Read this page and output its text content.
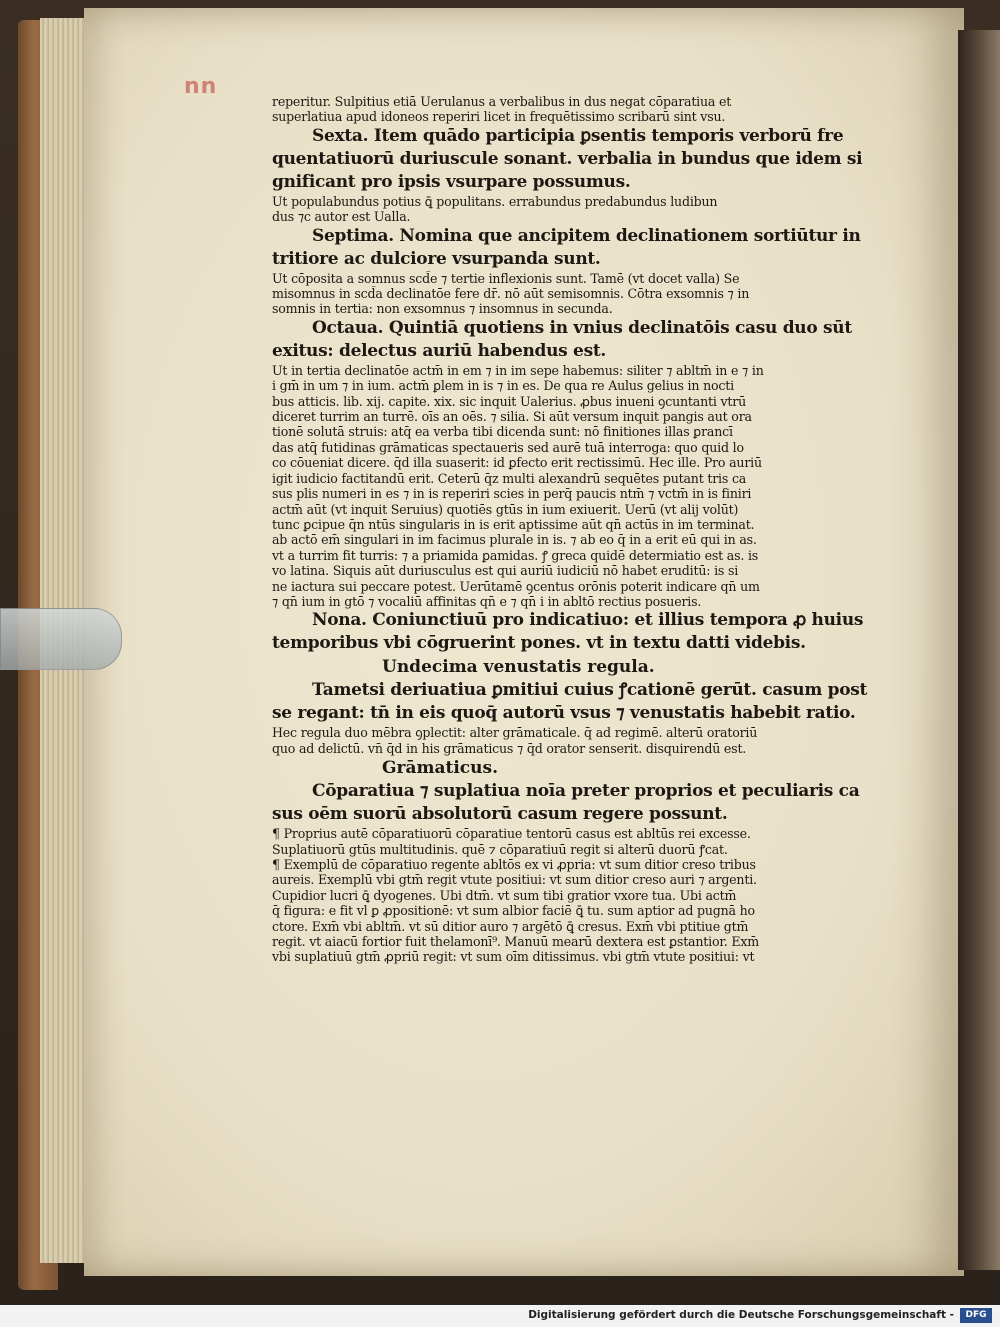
nn
reperitur. Sulpitius etiā Uerulanus a verbalibus in dus negat cōparatiua et
superlatiua apud idoneos reperiri licet in frequētissimo scribarū sint vsu.
Sexta. Item quādo participia ꝑsentis temporis verborū fre
quentatiuorū duriuscule sonant. verbalia in bundus que idem si
gnificant pro ipsis vsurpare possumus.
Ut populabundus potius ꝗ̄ populitans. errabundus predabundus ludibun
dus ⁊c autor est Ualla.
Septima. Nomina que ancipitem declinationem sortiūtur in
tritiore ac dulciore vsurpanda sunt.
Ut cōposita a somnus scd̄e ⁊ tertie inflexionis sunt. Tamē (vt docet valla) Se
misomnus in scd̄a declinatōe fere dr̄. nō aūt semisomnis. Cōtra exsomnis ⁊ in
somnis in tertia: non exsomnus ⁊ insomnus in secunda.
Octaua. Quintiā quotiens in vnius declinatōis casu duo sūt
exitus: delectus auriū habendus est.
Ut in tertia declinatōe actm̄ in em ⁊ in im sepe habemus: siliter ⁊ abltm̄ in e ⁊ in
i gm̄ in um ⁊ in ium. actm̄ ꝑlem in is ⁊ in es. De qua re Aulus gelius in nocti
bus atticis. lib. xij. capite. xix. sic inquit Ualerius. ꝓbus inueni ꝯcuntanti vtrū
diceret turrim an turrē. oīs an oēs. ⁊ silia. Si aūt versum inquit pangis aut ora
tionē solutā struis: atq̄ ea verba tibi dicenda sunt: nō finitiones illas ꝑrancī
das atq̄ futidinas grāmaticas spectaueris sed aurē tuā interroga: quo quid lo
co cōueniat dicere. q̄d illa suaserit: id ꝑfecto erit rectissimū. Hec ille. Pro auriū
igit iudicio factitandū erit. Ceterū q̄z multi alexandrū sequētes putant tris ca
sus plis numeri in es ⁊ in is reperiri scies in perq̄ paucis ntm̄ ⁊ vctm̄ in is finiri
actm̄ aūt (vt inquit Seruius) quotiēs gtūs in ium exiuerit. Uerū (vt alij volūt)
tunc ꝑcipue q̄n ntūs singularis in is erit aptissime aūt qn̄ actūs in im terminat.
ab actō em̄ singulari in im facimus plurale in is. ⁊ ab eo q̄ in a erit eū qui in as.
vt a turrim fit turris: ⁊ a priamida ꝑamidas. ꝭ greca quidē determiatio est as. is
vo latina. Siquis aūt duriusculus est qui auriū iudiciū nō habet eruditū: is si
ne iactura sui peccare potest. Uerūtamē ꝯcentus orōnis poterit indicare qn̄ um
⁊ qn̄ ium in gtō ⁊ vocaliū affinitas qn̄ e ⁊ qn̄ i in abltō rectius posueris.
Nona. Coniunctiuū pro indicatiuo: et illius tempora ꝓ huius
temporibus vbi cōgruerint pones. vt in textu datti videbis.
Undecima venustatis regula.
Tametsi deriuatiua ꝑmitiui cuius ꝭcationē gerūt. casum post
se regant: tn̄ in eis quoq̄ autorū vsus ⁊ venustatis habebit ratio.
Hec regula duo mēbra ꝯplectit: alter grāmaticale. q̄ ad regimē. alterū oratoriū
quo ad delictū. vn̄ q̄d in his grāmaticus ⁊ q̄d orator senserit. disquirendū est.
Grāmaticus.
Cōparatiua ⁊ suplatiua noīa preter proprios et peculiaris ca
sus oēm suorū absolutorū casum regere possunt.
¶ Proprius autē cōparatiuorū cōparatiue tentorū casus est abltūs rei excesse.
Suplatiuorū gtūs multitudinis. quē ⁊ cōparatiuū regit si alterū duorū ꝭcat.
¶ Exemplū de cōparatiuo regente abltōs ex vi ꝓpria: vt sum ditior creso tribus
aureis. Exemplū vbi gtm̄ regit vtute positiui: vt sum ditior creso auri ⁊ argenti.
Cupidior lucri ꝗ̄ dyogenes. Ubi dtm̄. vt sum tibi gratior vxore tua. Ubi actm̄
q̄ figura: e fit vl ꝑ ꝓpositionē: vt sum albior faciē ꝗ̄ tu. sum aptior ad pugnā ho
ctore. Exm̄ vbi abltm̄. vt sū ditior auro ⁊ argētō ꝗ̄ cresus. Exm̄ vbi ptitiue gtm̄
regit. vt aiacū fortior fuit thelamonī⁹. Manuū mearū dextera est ꝑstantior. Exm̄
vbi suplatiuū gtm̄ ꝓpriū regit: vt sum oīm ditissimus. vbi gtm̄ vtute positiui: vt
Digitalisierung gefördert durch die Deutsche Forschungsgemeinschaft -	DFG
